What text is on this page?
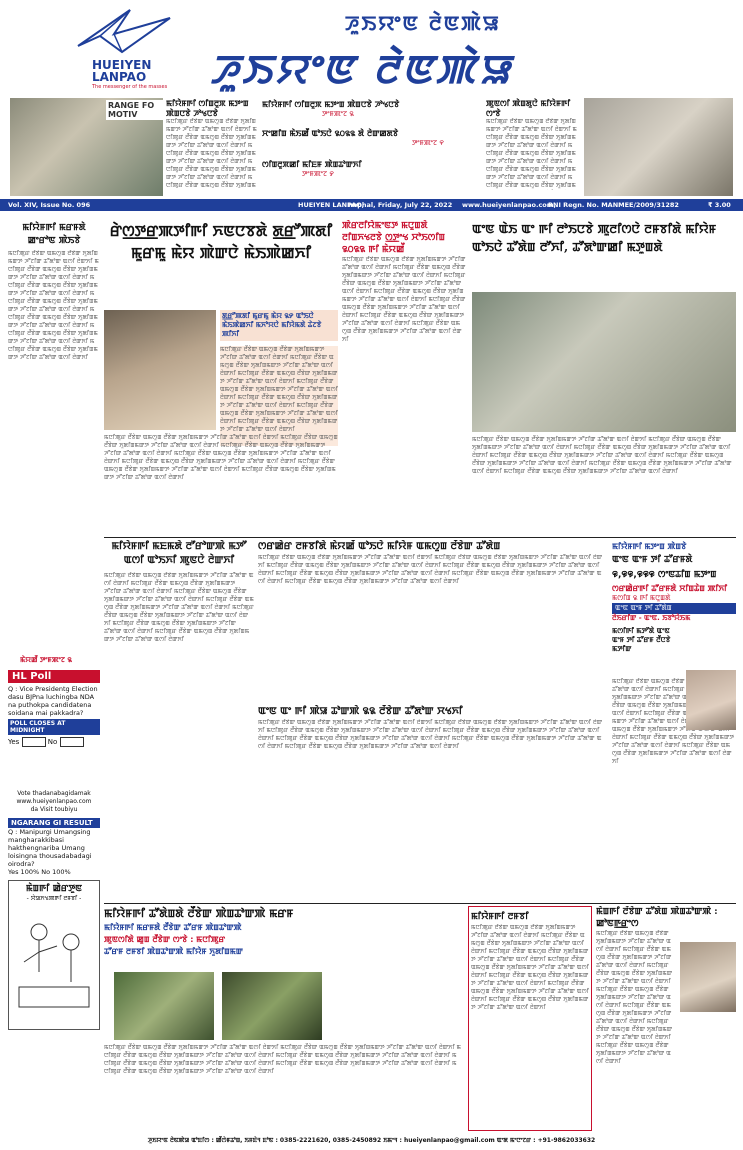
HUEIYEN
LANPAO
The messenger of the masses
ꯍꯨꯏꯌꯦꯟ ꯂꯥꯟꯄꯥꯎ
ꯍꯨꯏꯌꯦꯟ ꯂꯥꯟꯄꯥꯎ
RANGE FO MOTIV
ꯃꯤꯌꯥꯝꯒꯤ ꯁꯤꯡꯂꯨꯞ ꯃꯇꯦꯡ ꯄꯥꯡꯅꯕꯥ ꯍꯣꯠꯅꯕꯥ
ꯃꯅꯤꯄꯨꯔ ꯂꯩꯕꯥꯛ ꯑꯃꯁꯨꯡ ꯂꯩꯕꯥꯛ ꯈꯨꯗꯤꯡꯃꯛꯇ ꯍꯧꯖꯤꯛ ꯊꯧꯗꯣꯛ ꯑꯁꯤ ꯂꯥꯛꯈꯤ ꯃꯅꯤꯄꯨꯔ ꯂꯩꯕꯥꯛ ꯑꯃꯁꯨꯡ ꯂꯩꯕꯥꯛ ꯈꯨꯗꯤꯡꯃꯛꯇ ꯍꯧꯖꯤꯛ ꯊꯧꯗꯣꯛ ꯑꯁꯤ ꯂꯥꯛꯈꯤ ꯃꯅꯤꯄꯨꯔ ꯂꯩꯕꯥꯛ ꯑꯃꯁꯨꯡ ꯂꯩꯕꯥꯛ ꯈꯨꯗꯤꯡꯃꯛꯇ ꯍꯧꯖꯤꯛ ꯊꯧꯗꯣꯛ ꯑꯁꯤ ꯂꯥꯛꯈꯤ ꯃꯅꯤꯄꯨꯔ ꯂꯩꯕꯥꯛ ꯑꯃꯁꯨꯡ ꯂꯩꯕꯥꯛ ꯈꯨꯗꯤꯡꯃꯛꯇ ꯍꯧꯖꯤꯛ ꯊꯧꯗꯣꯛ ꯑꯁꯤ ꯂꯥꯛꯈꯤ ꯃꯅꯤꯄꯨꯔ ꯂꯩꯕꯥꯛ ꯑꯃꯁꯨꯡ ꯂꯩꯕꯥꯛ ꯈꯨꯗꯤꯡꯃꯛꯇ ꯍꯧꯖꯤꯛ ꯊꯧꯗꯣꯛ ꯑꯁꯤ ꯂꯥꯛꯈꯤ ꯃꯅꯤꯄꯨꯔ ꯂꯩꯕꯥꯛ ꯑꯃꯁꯨꯡ ꯂꯩꯕꯥꯛ ꯈꯨꯗꯤꯡꯃꯛꯇ ꯍꯧꯖꯤꯛ ꯊꯧꯗꯣꯛ ꯑꯁꯤ ꯂꯥꯛꯈꯤ ꯃꯅꯤꯄꯨꯔ ꯂꯩꯕꯥꯛ ꯑꯃꯁꯨꯡ ꯂꯩꯕꯥꯛ ꯈꯨꯗꯤꯡꯃꯛꯇ ꯍꯧꯖꯤꯛ ꯊꯧꯗꯣꯛ ꯑꯁꯤ ꯂꯥꯛꯈꯤ
ꯃꯤꯌꯥꯝꯒꯤ ꯁꯤꯡꯂꯨꯞ ꯃꯇꯦꯡ ꯄꯥꯡꯅꯕꯥ ꯍꯣꯠꯅꯕꯥ
ꯇꯦꯝꯄꯦꯖ ꯲
ꯆꯦꯀꯤꯡ ꯃꯥꯏꯀꯩ ꯑꯣꯏꯅꯥ ꯲꯰꯲꯲ ꯗꯥ ꯂꯥꯛꯀꯗꯕꯥ
ꯇꯦꯝꯄꯦꯖ ꯵
ꯁꯤꯡꯂꯨꯞꯀꯤ ꯃꯤꯐꯝ ꯄꯥꯡꯊꯣꯛꯈꯤ
ꯇꯦꯝꯄꯦꯖ ꯸
ꯄꯨꯟꯁꯤ ꯄꯥꯡꯗꯨꯅꯥ ꯃꯤꯌꯥꯝꯒꯤ ꯁꯦꯕꯥ
ꯃꯅꯤꯄꯨꯔ ꯂꯩꯕꯥꯛ ꯑꯃꯁꯨꯡ ꯂꯩꯕꯥꯛ ꯈꯨꯗꯤꯡꯃꯛꯇ ꯍꯧꯖꯤꯛ ꯊꯧꯗꯣꯛ ꯑꯁꯤ ꯂꯥꯛꯈꯤ ꯃꯅꯤꯄꯨꯔ ꯂꯩꯕꯥꯛ ꯑꯃꯁꯨꯡ ꯂꯩꯕꯥꯛ ꯈꯨꯗꯤꯡꯃꯛꯇ ꯍꯧꯖꯤꯛ ꯊꯧꯗꯣꯛ ꯑꯁꯤ ꯂꯥꯛꯈꯤ ꯃꯅꯤꯄꯨꯔ ꯂꯩꯕꯥꯛ ꯑꯃꯁꯨꯡ ꯂꯩꯕꯥꯛ ꯈꯨꯗꯤꯡꯃꯛꯇ ꯍꯧꯖꯤꯛ ꯊꯧꯗꯣꯛ ꯑꯁꯤ ꯂꯥꯛꯈꯤ ꯃꯅꯤꯄꯨꯔ ꯂꯩꯕꯥꯛ ꯑꯃꯁꯨꯡ ꯂꯩꯕꯥꯛ ꯈꯨꯗꯤꯡꯃꯛꯇ ꯍꯧꯖꯤꯛ ꯊꯧꯗꯣꯛ ꯑꯁꯤ ꯂꯥꯛꯈꯤ ꯃꯅꯤꯄꯨꯔ ꯂꯩꯕꯥꯛ ꯑꯃꯁꯨꯡ ꯂꯩꯕꯥꯛ ꯈꯨꯗꯤꯡꯃꯛꯇ ꯍꯧꯖꯤꯛ ꯊꯧꯗꯣꯛ ꯑꯁꯤ ꯂꯥꯛꯈꯤ ꯃꯅꯤꯄꯨꯔ ꯂꯩꯕꯥꯛ ꯑꯃꯁꯨꯡ ꯂꯩꯕꯥꯛ ꯈꯨꯗꯤꯡꯃꯛꯇ ꯍꯧꯖꯤꯛ ꯊꯧꯗꯣꯛ ꯑꯁꯤ ꯂꯥꯛꯈꯤ ꯃꯅꯤꯄꯨꯔ ꯂꯩꯕꯥꯛ ꯑꯃꯁꯨꯡ ꯂꯩꯕꯥꯛ ꯈꯨꯗꯤꯡꯃꯛꯇ ꯍꯧꯖꯤꯛ ꯊꯧꯗꯣꯛ ꯑꯁꯤ ꯂꯥꯛꯈꯤ
Vol. XIV, Issue No. 096	HUEIYEN LANPAO,
Imphal, Friday, July 22, 2022 www.hueiyenlanpao.com,
RNI Regn. No. MANMEE/2009/31282	₹ 3.00
ꯃꯤꯌꯥꯝꯒꯤ ꯃꯔꯝꯗꯥ
ꯀꯦꯔꯣꯟ ꯄꯥꯏꯕꯥ
ꯃꯅꯤꯄꯨꯔ ꯂꯩꯕꯥꯛ ꯑꯃꯁꯨꯡ ꯂꯩꯕꯥꯛ ꯈꯨꯗꯤꯡꯃꯛꯇ ꯍꯧꯖꯤꯛ ꯊꯧꯗꯣꯛ ꯑꯁꯤ ꯂꯥꯛꯈꯤ ꯃꯅꯤꯄꯨꯔ ꯂꯩꯕꯥꯛ ꯑꯃꯁꯨꯡ ꯂꯩꯕꯥꯛ ꯈꯨꯗꯤꯡꯃꯛꯇ ꯍꯧꯖꯤꯛ ꯊꯧꯗꯣꯛ ꯑꯁꯤ ꯂꯥꯛꯈꯤ ꯃꯅꯤꯄꯨꯔ ꯂꯩꯕꯥꯛ ꯑꯃꯁꯨꯡ ꯂꯩꯕꯥꯛ ꯈꯨꯗꯤꯡꯃꯛꯇ ꯍꯧꯖꯤꯛ ꯊꯧꯗꯣꯛ ꯑꯁꯤ ꯂꯥꯛꯈꯤ ꯃꯅꯤꯄꯨꯔ ꯂꯩꯕꯥꯛ ꯑꯃꯁꯨꯡ ꯂꯩꯕꯥꯛ ꯈꯨꯗꯤꯡꯃꯛꯇ ꯍꯧꯖꯤꯛ ꯊꯧꯗꯣꯛ ꯑꯁꯤ ꯂꯥꯛꯈꯤ ꯃꯅꯤꯄꯨꯔ ꯂꯩꯕꯥꯛ ꯑꯃꯁꯨꯡ ꯂꯩꯕꯥꯛ ꯈꯨꯗꯤꯡꯃꯛꯇ ꯍꯧꯖꯤꯛ ꯊꯧꯗꯣꯛ ꯑꯁꯤ ꯂꯥꯛꯈꯤ ꯃꯅꯤꯄꯨꯔ ꯂꯩꯕꯥꯛ ꯑꯃꯁꯨꯡ ꯂꯩꯕꯥꯛ ꯈꯨꯗꯤꯡꯃꯛꯇ ꯍꯧꯖꯤꯛ ꯊꯧꯗꯣꯛ ꯑꯁꯤ ꯂꯥꯛꯈꯤ ꯃꯅꯤꯄꯨꯔ ꯂꯩꯕꯥꯛ ꯑꯃꯁꯨꯡ ꯂꯩꯕꯥꯛ ꯈꯨꯗꯤꯡꯃꯛꯇ ꯍꯧꯖꯤꯛ ꯊꯧꯗꯣꯛ ꯑꯁꯤ ꯂꯥꯛꯈꯤ
ꯃꯥꯌꯀꯩ ꯇꯦꯝꯄꯦꯖ ꯲
HL Poll
Q : Vice Presidentg Election dasu BJPna luchingba NDA na puthokpa candidatena soidana mai pakkadra?
POLL CLOSES AT MIDNIGHT
Yes	No
Vote thadanabagidamak
www.hueiyenlanpao.com
da Visit toubiyu
NGARANG GI RESULT
Q : Manipurgi Umangsing mangharakkibasi hakthengnariba Umang loisingna thousadabadagi oirodra?
Yes 100% No 100%
ꯃꯥꯡꯒꯤ ꯀꯥꯔꯇꯨꯟ
- ꯆꯥꯎꯈꯠꯄꯒꯤ ꯂꯝꯕꯤ -
ꯔꯥꯁ꯭ꯇ꯭ꯔꯄꯇꯤꯒꯤ ꯈꯟꯅꯕꯗꯥ ꯗ꯭ꯔꯧꯄꯗꯤ ꯃꯨꯔꯃꯨ ꯃꯥꯌ ꯄꯥꯛꯅꯥ ꯃꯥꯏꯄꯥꯀꯈꯤ
ꯗ꯭ꯔꯧꯄꯗꯤ ꯃꯨꯔꯃꯨ ꯃꯥꯌ ꯲꯸ ꯑꯣꯏꯅꯥ ꯃꯥꯏꯄꯥꯀꯈꯤ ꯃꯈꯣꯌꯅꯥ ꯃꯤꯌꯥꯃꯗꯥ ꯊꯥꯖꯕꯥ ꯄꯤꯈꯤ
ꯃꯅꯤꯄꯨꯔ ꯂꯩꯕꯥꯛ ꯑꯃꯁꯨꯡ ꯂꯩꯕꯥꯛ ꯈꯨꯗꯤꯡꯃꯛꯇ ꯍꯧꯖꯤꯛ ꯊꯧꯗꯣꯛ ꯑꯁꯤ ꯂꯥꯛꯈꯤ ꯃꯅꯤꯄꯨꯔ ꯂꯩꯕꯥꯛ ꯑꯃꯁꯨꯡ ꯂꯩꯕꯥꯛ ꯈꯨꯗꯤꯡꯃꯛꯇ ꯍꯧꯖꯤꯛ ꯊꯧꯗꯣꯛ ꯑꯁꯤ ꯂꯥꯛꯈꯤ ꯃꯅꯤꯄꯨꯔ ꯂꯩꯕꯥꯛ ꯑꯃꯁꯨꯡ ꯂꯩꯕꯥꯛ ꯈꯨꯗꯤꯡꯃꯛꯇ ꯍꯧꯖꯤꯛ ꯊꯧꯗꯣꯛ ꯑꯁꯤ ꯂꯥꯛꯈꯤ ꯃꯅꯤꯄꯨꯔ ꯂꯩꯕꯥꯛ ꯑꯃꯁꯨꯡ ꯂꯩꯕꯥꯛ ꯈꯨꯗꯤꯡꯃꯛꯇ ꯍꯧꯖꯤꯛ ꯊꯧꯗꯣꯛ ꯑꯁꯤ ꯂꯥꯛꯈꯤ ꯃꯅꯤꯄꯨꯔ ꯂꯩꯕꯥꯛ ꯑꯃꯁꯨꯡ ꯂꯩꯕꯥꯛ ꯈꯨꯗꯤꯡꯃꯛꯇ ꯍꯧꯖꯤꯛ ꯊꯧꯗꯣꯛ ꯑꯁꯤ ꯂꯥꯛꯈꯤ ꯃꯅꯤꯄꯨꯔ ꯂꯩꯕꯥꯛ ꯑꯃꯁꯨꯡ ꯂꯩꯕꯥꯛ ꯈꯨꯗꯤꯡꯃꯛꯇ ꯍꯧꯖꯤꯛ ꯊꯧꯗꯣꯛ ꯑꯁꯤ ꯂꯥꯛꯈꯤ ꯃꯅꯤꯄꯨꯔ ꯂꯩꯕꯥꯛ ꯑꯃꯁꯨꯡ ꯂꯩꯕꯥꯛ ꯈꯨꯗꯤꯡꯃꯛꯇ ꯍꯧꯖꯤꯛ ꯊꯧꯗꯣꯛ ꯑꯁꯤ ꯂꯥꯛꯈꯤ
ꯃꯅꯤꯄꯨꯔ ꯂꯩꯕꯥꯛ ꯑꯃꯁꯨꯡ ꯂꯩꯕꯥꯛ ꯈꯨꯗꯤꯡꯃꯛꯇ ꯍꯧꯖꯤꯛ ꯊꯧꯗꯣꯛ ꯑꯁꯤ ꯂꯥꯛꯈꯤ ꯃꯅꯤꯄꯨꯔ ꯂꯩꯕꯥꯛ ꯑꯃꯁꯨꯡ ꯂꯩꯕꯥꯛ ꯈꯨꯗꯤꯡꯃꯛꯇ ꯍꯧꯖꯤꯛ ꯊꯧꯗꯣꯛ ꯑꯁꯤ ꯂꯥꯛꯈꯤ ꯃꯅꯤꯄꯨꯔ ꯂꯩꯕꯥꯛ ꯑꯃꯁꯨꯡ ꯂꯩꯕꯥꯛ ꯈꯨꯗꯤꯡꯃꯛꯇ ꯍꯧꯖꯤꯛ ꯊꯧꯗꯣꯛ ꯑꯁꯤ ꯂꯥꯛꯈꯤ ꯃꯅꯤꯄꯨꯔ ꯂꯩꯕꯥꯛ ꯑꯃꯁꯨꯡ ꯂꯩꯕꯥꯛ ꯈꯨꯗꯤꯡꯃꯛꯇ ꯍꯧꯖꯤꯛ ꯊꯧꯗꯣꯛ ꯑꯁꯤ ꯂꯥꯛꯈꯤ ꯃꯅꯤꯄꯨꯔ ꯂꯩꯕꯥꯛ ꯑꯃꯁꯨꯡ ꯂꯩꯕꯥꯛ ꯈꯨꯗꯤꯡꯃꯛꯇ ꯍꯧꯖꯤꯛ ꯊꯧꯗꯣꯛ ꯑꯁꯤ ꯂꯥꯛꯈꯤ ꯃꯅꯤꯄꯨꯔ ꯂꯩꯕꯥꯛ ꯑꯃꯁꯨꯡ ꯂꯩꯕꯥꯛ ꯈꯨꯗꯤꯡꯃꯛꯇ ꯍꯧꯖꯤꯛ ꯊꯧꯗꯣꯛ ꯑꯁꯤ ꯂꯥꯛꯈꯤ ꯃꯅꯤꯄꯨꯔ ꯂꯩꯕꯥꯛ ꯑꯃꯁꯨꯡ ꯂꯩꯕꯥꯛ ꯈꯨꯗꯤꯡꯃꯛꯇ ꯍꯧꯖꯤꯛ ꯊꯧꯗꯣꯛ ꯑꯁꯤ ꯂꯥꯛꯈꯤ
ꯄꯥꯔꯂꯤꯌꯥꯃꯦꯟꯇ ꯃꯅꯨꯡꯗꯥ ꯂꯤꯡꯈꯠꯂꯕꯥ ꯁ꯭ꯇꯦꯠ ꯆꯣꯏꯁꯤꯡ ꯲꯰꯲꯲ ꯒꯤ ꯃꯥꯌꯀꯩ
ꯃꯅꯤꯄꯨꯔ ꯂꯩꯕꯥꯛ ꯑꯃꯁꯨꯡ ꯂꯩꯕꯥꯛ ꯈꯨꯗꯤꯡꯃꯛꯇ ꯍꯧꯖꯤꯛ ꯊꯧꯗꯣꯛ ꯑꯁꯤ ꯂꯥꯛꯈꯤ ꯃꯅꯤꯄꯨꯔ ꯂꯩꯕꯥꯛ ꯑꯃꯁꯨꯡ ꯂꯩꯕꯥꯛ ꯈꯨꯗꯤꯡꯃꯛꯇ ꯍꯧꯖꯤꯛ ꯊꯧꯗꯣꯛ ꯑꯁꯤ ꯂꯥꯛꯈꯤ ꯃꯅꯤꯄꯨꯔ ꯂꯩꯕꯥꯛ ꯑꯃꯁꯨꯡ ꯂꯩꯕꯥꯛ ꯈꯨꯗꯤꯡꯃꯛꯇ ꯍꯧꯖꯤꯛ ꯊꯧꯗꯣꯛ ꯑꯁꯤ ꯂꯥꯛꯈꯤ ꯃꯅꯤꯄꯨꯔ ꯂꯩꯕꯥꯛ ꯑꯃꯁꯨꯡ ꯂꯩꯕꯥꯛ ꯈꯨꯗꯤꯡꯃꯛꯇ ꯍꯧꯖꯤꯛ ꯊꯧꯗꯣꯛ ꯑꯁꯤ ꯂꯥꯛꯈꯤ ꯃꯅꯤꯄꯨꯔ ꯂꯩꯕꯥꯛ ꯑꯃꯁꯨꯡ ꯂꯩꯕꯥꯛ ꯈꯨꯗꯤꯡꯃꯛꯇ ꯍꯧꯖꯤꯛ ꯊꯧꯗꯣꯛ ꯑꯁꯤ ꯂꯥꯛꯈꯤ ꯃꯅꯤꯄꯨꯔ ꯂꯩꯕꯥꯛ ꯑꯃꯁꯨꯡ ꯂꯩꯕꯥꯛ ꯈꯨꯗꯤꯡꯃꯛꯇ ꯍꯧꯖꯤꯛ ꯊꯧꯗꯣꯛ ꯑꯁꯤ ꯂꯥꯛꯈꯤ ꯃꯅꯤꯄꯨꯔ ꯂꯩꯕꯥꯛ ꯑꯃꯁꯨꯡ ꯂꯩꯕꯥꯛ ꯈꯨꯗꯤꯡꯃꯛꯇ ꯍꯧꯖꯤꯛ ꯊꯧꯗꯣꯛ ꯑꯁꯤ ꯂꯥꯛꯈꯤ
ꯑꯦꯟ ꯑꯥꯏ ꯑꯦ ꯒꯤ ꯂꯣꯏꯅꯕꯥ ꯄꯨꯂꯤꯁꯅꯥ ꯂꯝꯕꯤꯗꯥ ꯃꯤꯌꯥꯝ ꯑꯣꯏꯅꯥ ꯊꯧꯗꯥꯡ ꯂꯧꯈꯤ, ꯊꯧꯗꯣꯛꯀꯤ ꯃꯇꯨꯡꯗꯥ
ꯃꯅꯤꯄꯨꯔ ꯂꯩꯕꯥꯛ ꯑꯃꯁꯨꯡ ꯂꯩꯕꯥꯛ ꯈꯨꯗꯤꯡꯃꯛꯇ ꯍꯧꯖꯤꯛ ꯊꯧꯗꯣꯛ ꯑꯁꯤ ꯂꯥꯛꯈꯤ ꯃꯅꯤꯄꯨꯔ ꯂꯩꯕꯥꯛ ꯑꯃꯁꯨꯡ ꯂꯩꯕꯥꯛ ꯈꯨꯗꯤꯡꯃꯛꯇ ꯍꯧꯖꯤꯛ ꯊꯧꯗꯣꯛ ꯑꯁꯤ ꯂꯥꯛꯈꯤ ꯃꯅꯤꯄꯨꯔ ꯂꯩꯕꯥꯛ ꯑꯃꯁꯨꯡ ꯂꯩꯕꯥꯛ ꯈꯨꯗꯤꯡꯃꯛꯇ ꯍꯧꯖꯤꯛ ꯊꯧꯗꯣꯛ ꯑꯁꯤ ꯂꯥꯛꯈꯤ ꯃꯅꯤꯄꯨꯔ ꯂꯩꯕꯥꯛ ꯑꯃꯁꯨꯡ ꯂꯩꯕꯥꯛ ꯈꯨꯗꯤꯡꯃꯛꯇ ꯍꯧꯖꯤꯛ ꯊꯧꯗꯣꯛ ꯑꯁꯤ ꯂꯥꯛꯈꯤ ꯃꯅꯤꯄꯨꯔ ꯂꯩꯕꯥꯛ ꯑꯃꯁꯨꯡ ꯂꯩꯕꯥꯛ ꯈꯨꯗꯤꯡꯃꯛꯇ ꯍꯧꯖꯤꯛ ꯊꯧꯗꯣꯛ ꯑꯁꯤ ꯂꯥꯛꯈꯤ ꯃꯅꯤꯄꯨꯔ ꯂꯩꯕꯥꯛ ꯑꯃꯁꯨꯡ ꯂꯩꯕꯥꯛ ꯈꯨꯗꯤꯡꯃꯛꯇ ꯍꯧꯖꯤꯛ ꯊꯧꯗꯣꯛ ꯑꯁꯤ ꯂꯥꯛꯈꯤ ꯃꯅꯤꯄꯨꯔ ꯂꯩꯕꯥꯛ ꯑꯃꯁꯨꯡ ꯂꯩꯕꯥꯛ ꯈꯨꯗꯤꯡꯃꯛꯇ ꯍꯧꯖꯤꯛ ꯊꯧꯗꯣꯛ ꯑꯁꯤ ꯂꯥꯛꯈꯤ
ꯃꯤꯌꯥꯝꯒꯤ ꯃꯐꯃꯗꯥ ꯂꯧꯔꯣꯛꯄꯥ ꯃꯇꯧ ꯑꯁꯤ ꯑꯣꯏꯈꯤ ꯄꯨꯟꯅꯥ ꯂꯥꯛꯈꯤ
ꯃꯅꯤꯄꯨꯔ ꯂꯩꯕꯥꯛ ꯑꯃꯁꯨꯡ ꯂꯩꯕꯥꯛ ꯈꯨꯗꯤꯡꯃꯛꯇ ꯍꯧꯖꯤꯛ ꯊꯧꯗꯣꯛ ꯑꯁꯤ ꯂꯥꯛꯈꯤ ꯃꯅꯤꯄꯨꯔ ꯂꯩꯕꯥꯛ ꯑꯃꯁꯨꯡ ꯂꯩꯕꯥꯛ ꯈꯨꯗꯤꯡꯃꯛꯇ ꯍꯧꯖꯤꯛ ꯊꯧꯗꯣꯛ ꯑꯁꯤ ꯂꯥꯛꯈꯤ ꯃꯅꯤꯄꯨꯔ ꯂꯩꯕꯥꯛ ꯑꯃꯁꯨꯡ ꯂꯩꯕꯥꯛ ꯈꯨꯗꯤꯡꯃꯛꯇ ꯍꯧꯖꯤꯛ ꯊꯧꯗꯣꯛ ꯑꯁꯤ ꯂꯥꯛꯈꯤ ꯃꯅꯤꯄꯨꯔ ꯂꯩꯕꯥꯛ ꯑꯃꯁꯨꯡ ꯂꯩꯕꯥꯛ ꯈꯨꯗꯤꯡꯃꯛꯇ ꯍꯧꯖꯤꯛ ꯊꯧꯗꯣꯛ ꯑꯁꯤ ꯂꯥꯛꯈꯤ ꯃꯅꯤꯄꯨꯔ ꯂꯩꯕꯥꯛ ꯑꯃꯁꯨꯡ ꯂꯩꯕꯥꯛ ꯈꯨꯗꯤꯡꯃꯛꯇ ꯍꯧꯖꯤꯛ ꯊꯧꯗꯣꯛ ꯑꯁꯤ ꯂꯥꯛꯈꯤ ꯃꯅꯤꯄꯨꯔ ꯂꯩꯕꯥꯛ ꯑꯃꯁꯨꯡ ꯂꯩꯕꯥꯛ ꯈꯨꯗꯤꯡꯃꯛꯇ ꯍꯧꯖꯤꯛ ꯊꯧꯗꯣꯛ ꯑꯁꯤ ꯂꯥꯛꯈꯤ ꯃꯅꯤꯄꯨꯔ ꯂꯩꯕꯥꯛ ꯑꯃꯁꯨꯡ ꯂꯩꯕꯥꯛ ꯈꯨꯗꯤꯡꯃꯛꯇ ꯍꯧꯖꯤꯛ ꯊꯧꯗꯣꯛ ꯑꯁꯤ ꯂꯥꯛꯈꯤ
ꯁꯔꯀꯥꯔ ꯂꯝꯕꯤꯗꯥ ꯃꯥꯌꯀꯩ ꯑꯣꯏꯅꯥ ꯃꯤꯌꯥꯝ ꯑꯃꯁꯨꯡ ꯂꯩꯕꯥꯛ ꯊꯧꯗꯥꯡ
ꯃꯅꯤꯄꯨꯔ ꯂꯩꯕꯥꯛ ꯑꯃꯁꯨꯡ ꯂꯩꯕꯥꯛ ꯈꯨꯗꯤꯡꯃꯛꯇ ꯍꯧꯖꯤꯛ ꯊꯧꯗꯣꯛ ꯑꯁꯤ ꯂꯥꯛꯈꯤ ꯃꯅꯤꯄꯨꯔ ꯂꯩꯕꯥꯛ ꯑꯃꯁꯨꯡ ꯂꯩꯕꯥꯛ ꯈꯨꯗꯤꯡꯃꯛꯇ ꯍꯧꯖꯤꯛ ꯊꯧꯗꯣꯛ ꯑꯁꯤ ꯂꯥꯛꯈꯤ ꯃꯅꯤꯄꯨꯔ ꯂꯩꯕꯥꯛ ꯑꯃꯁꯨꯡ ꯂꯩꯕꯥꯛ ꯈꯨꯗꯤꯡꯃꯛꯇ ꯍꯧꯖꯤꯛ ꯊꯧꯗꯣꯛ ꯑꯁꯤ ꯂꯥꯛꯈꯤ ꯃꯅꯤꯄꯨꯔ ꯂꯩꯕꯥꯛ ꯑꯃꯁꯨꯡ ꯂꯩꯕꯥꯛ ꯈꯨꯗꯤꯡꯃꯛꯇ ꯍꯧꯖꯤꯛ ꯊꯧꯗꯣꯛ ꯑꯁꯤ ꯂꯥꯛꯈꯤ ꯃꯅꯤꯄꯨꯔ ꯂꯩꯕꯥꯛ ꯑꯃꯁꯨꯡ ꯂꯩꯕꯥꯛ ꯈꯨꯗꯤꯡꯃꯛꯇ ꯍꯧꯖꯤꯛ ꯊꯧꯗꯣꯛ ꯑꯁꯤ ꯂꯥꯛꯈꯤ ꯃꯅꯤꯄꯨꯔ ꯂꯩꯕꯥꯛ ꯑꯃꯁꯨꯡ ꯂꯩꯕꯥꯛ ꯈꯨꯗꯤꯡꯃꯛꯇ ꯍꯧꯖꯤꯛ ꯊꯧꯗꯣꯛ ꯑꯁꯤ ꯂꯥꯛꯈꯤ ꯃꯅꯤꯄꯨꯔ ꯂꯩꯕꯥꯛ ꯑꯃꯁꯨꯡ ꯂꯩꯕꯥꯛ ꯈꯨꯗꯤꯡꯃꯛꯇ ꯍꯧꯖꯤꯛ ꯊꯧꯗꯣꯛ ꯑꯁꯤ ꯂꯥꯛꯈꯤ
ꯑꯦꯟ ꯑꯦ ꯒꯤ ꯄꯥꯎ ꯊꯣꯛꯄꯥ ꯲꯲ ꯂꯩꯕꯥꯛ ꯊꯧꯗꯣꯛ ꯆꯠꯈꯤ
ꯃꯅꯤꯄꯨꯔ ꯂꯩꯕꯥꯛ ꯑꯃꯁꯨꯡ ꯂꯩꯕꯥꯛ ꯈꯨꯗꯤꯡꯃꯛꯇ ꯍꯧꯖꯤꯛ ꯊꯧꯗꯣꯛ ꯑꯁꯤ ꯂꯥꯛꯈꯤ ꯃꯅꯤꯄꯨꯔ ꯂꯩꯕꯥꯛ ꯑꯃꯁꯨꯡ ꯂꯩꯕꯥꯛ ꯈꯨꯗꯤꯡꯃꯛꯇ ꯍꯧꯖꯤꯛ ꯊꯧꯗꯣꯛ ꯑꯁꯤ ꯂꯥꯛꯈꯤ ꯃꯅꯤꯄꯨꯔ ꯂꯩꯕꯥꯛ ꯑꯃꯁꯨꯡ ꯂꯩꯕꯥꯛ ꯈꯨꯗꯤꯡꯃꯛꯇ ꯍꯧꯖꯤꯛ ꯊꯧꯗꯣꯛ ꯑꯁꯤ ꯂꯥꯛꯈꯤ ꯃꯅꯤꯄꯨꯔ ꯂꯩꯕꯥꯛ ꯑꯃꯁꯨꯡ ꯂꯩꯕꯥꯛ ꯈꯨꯗꯤꯡꯃꯛꯇ ꯍꯧꯖꯤꯛ ꯊꯧꯗꯣꯛ ꯑꯁꯤ ꯂꯥꯛꯈꯤ ꯃꯅꯤꯄꯨꯔ ꯂꯩꯕꯥꯛ ꯑꯃꯁꯨꯡ ꯂꯩꯕꯥꯛ ꯈꯨꯗꯤꯡꯃꯛꯇ ꯍꯧꯖꯤꯛ ꯊꯧꯗꯣꯛ ꯑꯁꯤ ꯂꯥꯛꯈꯤ ꯃꯅꯤꯄꯨꯔ ꯂꯩꯕꯥꯛ ꯑꯃꯁꯨꯡ ꯂꯩꯕꯥꯛ ꯈꯨꯗꯤꯡꯃꯛꯇ ꯍꯧꯖꯤꯛ ꯊꯧꯗꯣꯛ ꯑꯁꯤ ꯂꯥꯛꯈꯤ ꯃꯅꯤꯄꯨꯔ ꯂꯩꯕꯥꯛ ꯑꯃꯁꯨꯡ ꯂꯩꯕꯥꯛ ꯈꯨꯗꯤꯡꯃꯛꯇ ꯍꯧꯖꯤꯛ ꯊꯧꯗꯣꯛ ꯑꯁꯤ ꯂꯥꯛꯈꯤ
ꯃꯤꯌꯥꯝꯒꯤ ꯃꯇꯦꯡ ꯄꯥꯡꯕꯥ
ꯑꯦꯟ ꯑꯦꯝ ꯇꯤ ꯊꯧꯔꯝꯗꯥ
꯶,꯶꯶,꯶꯶꯶ ꯁꯦꯟꯊꯤꯡ ꯃꯇꯦꯡ
ꯁꯔꯀꯥꯔꯒꯤ ꯊꯧꯔꯝꯗꯥ ꯆꯤꯡꯊꯥꯡ ꯄꯤꯈꯤ
ꯃꯁꯤꯡ ꯲ ꯒꯤ ꯃꯅꯨꯡꯗꯥ
ꯑꯦꯟ ꯑꯦꯝ ꯇꯤ ꯊꯧꯗꯥꯡ
ꯂꯥꯏꯔꯤꯛ - ꯑꯦꯟ. ꯏꯕꯣꯌꯥꯏꯃ
ꯃꯁꯤꯒꯤ ꯃꯇꯧꯗꯥ ꯑꯦꯟ ꯑꯦꯝ ꯇꯤ ꯊꯧꯔꯝ ꯂꯩꯅꯕꯥ ꯃꯇꯤꯛ
ꯃꯅꯤꯄꯨꯔ ꯂꯩꯕꯥꯛ ꯑꯃꯁꯨꯡ ꯂꯩꯕꯥꯛ ꯈꯨꯗꯤꯡꯃꯛꯇ ꯍꯧꯖꯤꯛ ꯊꯧꯗꯣꯛ ꯑꯁꯤ ꯂꯥꯛꯈꯤ ꯃꯅꯤꯄꯨꯔ ꯂꯩꯕꯥꯛ ꯑꯃꯁꯨꯡ ꯂꯩꯕꯥꯛ ꯈꯨꯗꯤꯡꯃꯛꯇ ꯍꯧꯖꯤꯛ ꯊꯧꯗꯣꯛ ꯑꯁꯤ ꯂꯥꯛꯈꯤ ꯃꯅꯤꯄꯨꯔ ꯂꯩꯕꯥꯛ ꯑꯃꯁꯨꯡ ꯂꯩꯕꯥꯛ ꯈꯨꯗꯤꯡꯃꯛꯇ ꯍꯧꯖꯤꯛ ꯊꯧꯗꯣꯛ ꯑꯁꯤ ꯂꯥꯛꯈꯤ ꯃꯅꯤꯄꯨꯔ ꯂꯩꯕꯥꯛ ꯑꯃꯁꯨꯡ ꯂꯩꯕꯥꯛ ꯈꯨꯗꯤꯡꯃꯛꯇ ꯍꯧꯖꯤꯛ ꯊꯧꯗꯣꯛ ꯑꯁꯤ ꯂꯥꯛꯈꯤ ꯃꯅꯤꯄꯨꯔ ꯂꯩꯕꯥꯛ ꯑꯃꯁꯨꯡ ꯂꯩꯕꯥꯛ ꯈꯨꯗꯤꯡꯃꯛꯇ ꯍꯧꯖꯤꯛ ꯊꯧꯗꯣꯛ ꯑꯁꯤ ꯂꯥꯛꯈꯤ ꯃꯅꯤꯄꯨꯔ ꯂꯩꯕꯥꯛ ꯑꯃꯁꯨꯡ ꯂꯩꯕꯥꯛ ꯈꯨꯗꯤꯡꯃꯛꯇ ꯍꯧꯖꯤꯛ ꯊꯧꯗꯣꯛ ꯑꯁꯤ ꯂꯥꯛꯈꯤ ꯃꯅꯤꯄꯨꯔ ꯂꯩꯕꯥꯛ ꯑꯃꯁꯨꯡ ꯂꯩꯕꯥꯛ ꯈꯨꯗꯤꯡꯃꯛꯇ ꯍꯧꯖꯤꯛ ꯊꯧꯗꯣꯛ ꯑꯁꯤ ꯂꯥꯛꯈꯤ
ꯃꯤꯌꯥꯝꯒꯤ ꯊꯧꯗꯥꯡꯗꯥ ꯂꯩꯕꯥꯛ ꯄꯥꯡꯊꯣꯛꯄꯥ ꯃꯔꯝ
ꯃꯤꯌꯥꯝꯒꯤ ꯃꯔꯝꯗꯥ ꯂꯩꯕꯥꯛ ꯊꯧꯔꯝ ꯄꯥꯡꯊꯣꯛꯄꯥ
ꯄꯨꯟꯁꯤꯗꯥ ꯀꯨꯡ ꯂꯩꯕꯥꯛ ꯁꯦꯕꯥ : ꯃꯅꯤꯄꯨꯔ
ꯊꯧꯔꯝ ꯂꯝꯕꯤ ꯄꯥꯡꯊꯣꯛꯄꯥ ꯃꯤꯌꯥꯝ ꯈꯨꯗꯤꯡꯃꯛ
ꯃꯅꯤꯄꯨꯔ ꯂꯩꯕꯥꯛ ꯑꯃꯁꯨꯡ ꯂꯩꯕꯥꯛ ꯈꯨꯗꯤꯡꯃꯛꯇ ꯍꯧꯖꯤꯛ ꯊꯧꯗꯣꯛ ꯑꯁꯤ ꯂꯥꯛꯈꯤ ꯃꯅꯤꯄꯨꯔ ꯂꯩꯕꯥꯛ ꯑꯃꯁꯨꯡ ꯂꯩꯕꯥꯛ ꯈꯨꯗꯤꯡꯃꯛꯇ ꯍꯧꯖꯤꯛ ꯊꯧꯗꯣꯛ ꯑꯁꯤ ꯂꯥꯛꯈꯤ ꯃꯅꯤꯄꯨꯔ ꯂꯩꯕꯥꯛ ꯑꯃꯁꯨꯡ ꯂꯩꯕꯥꯛ ꯈꯨꯗꯤꯡꯃꯛꯇ ꯍꯧꯖꯤꯛ ꯊꯧꯗꯣꯛ ꯑꯁꯤ ꯂꯥꯛꯈꯤ ꯃꯅꯤꯄꯨꯔ ꯂꯩꯕꯥꯛ ꯑꯃꯁꯨꯡ ꯂꯩꯕꯥꯛ ꯈꯨꯗꯤꯡꯃꯛꯇ ꯍꯧꯖꯤꯛ ꯊꯧꯗꯣꯛ ꯑꯁꯤ ꯂꯥꯛꯈꯤ ꯃꯅꯤꯄꯨꯔ ꯂꯩꯕꯥꯛ ꯑꯃꯁꯨꯡ ꯂꯩꯕꯥꯛ ꯈꯨꯗꯤꯡꯃꯛꯇ ꯍꯧꯖꯤꯛ ꯊꯧꯗꯣꯛ ꯑꯁꯤ ꯂꯥꯛꯈꯤ ꯃꯅꯤꯄꯨꯔ ꯂꯩꯕꯥꯛ ꯑꯃꯁꯨꯡ ꯂꯩꯕꯥꯛ ꯈꯨꯗꯤꯡꯃꯛꯇ ꯍꯧꯖꯤꯛ ꯊꯧꯗꯣꯛ ꯑꯁꯤ ꯂꯥꯛꯈꯤ ꯃꯅꯤꯄꯨꯔ ꯂꯩꯕꯥꯛ ꯑꯃꯁꯨꯡ ꯂꯩꯕꯥꯛ ꯈꯨꯗꯤꯡꯃꯛꯇ ꯍꯧꯖꯤꯛ ꯊꯧꯗꯣꯛ ꯑꯁꯤ ꯂꯥꯛꯈꯤ
ꯃꯤꯌꯥꯝꯒꯤ ꯂꯝꯕꯤ
ꯃꯅꯤꯄꯨꯔ ꯂꯩꯕꯥꯛ ꯑꯃꯁꯨꯡ ꯂꯩꯕꯥꯛ ꯈꯨꯗꯤꯡꯃꯛꯇ ꯍꯧꯖꯤꯛ ꯊꯧꯗꯣꯛ ꯑꯁꯤ ꯂꯥꯛꯈꯤ ꯃꯅꯤꯄꯨꯔ ꯂꯩꯕꯥꯛ ꯑꯃꯁꯨꯡ ꯂꯩꯕꯥꯛ ꯈꯨꯗꯤꯡꯃꯛꯇ ꯍꯧꯖꯤꯛ ꯊꯧꯗꯣꯛ ꯑꯁꯤ ꯂꯥꯛꯈꯤ ꯃꯅꯤꯄꯨꯔ ꯂꯩꯕꯥꯛ ꯑꯃꯁꯨꯡ ꯂꯩꯕꯥꯛ ꯈꯨꯗꯤꯡꯃꯛꯇ ꯍꯧꯖꯤꯛ ꯊꯧꯗꯣꯛ ꯑꯁꯤ ꯂꯥꯛꯈꯤ ꯃꯅꯤꯄꯨꯔ ꯂꯩꯕꯥꯛ ꯑꯃꯁꯨꯡ ꯂꯩꯕꯥꯛ ꯈꯨꯗꯤꯡꯃꯛꯇ ꯍꯧꯖꯤꯛ ꯊꯧꯗꯣꯛ ꯑꯁꯤ ꯂꯥꯛꯈꯤ ꯃꯅꯤꯄꯨꯔ ꯂꯩꯕꯥꯛ ꯑꯃꯁꯨꯡ ꯂꯩꯕꯥꯛ ꯈꯨꯗꯤꯡꯃꯛꯇ ꯍꯧꯖꯤꯛ ꯊꯧꯗꯣꯛ ꯑꯁꯤ ꯂꯥꯛꯈꯤ ꯃꯅꯤꯄꯨꯔ ꯂꯩꯕꯥꯛ ꯑꯃꯁꯨꯡ ꯂꯩꯕꯥꯛ ꯈꯨꯗꯤꯡꯃꯛꯇ ꯍꯧꯖꯤꯛ ꯊꯧꯗꯣꯛ ꯑꯁꯤ ꯂꯥꯛꯈꯤ ꯃꯅꯤꯄꯨꯔ ꯂꯩꯕꯥꯛ ꯑꯃꯁꯨꯡ ꯂꯩꯕꯥꯛ ꯈꯨꯗꯤꯡꯃꯛꯇ ꯍꯧꯖꯤꯛ ꯊꯧꯗꯣꯛ ꯑꯁꯤ ꯂꯥꯛꯈꯤ	ꯃꯥꯡꯒꯤ ꯂꯩꯕꯥꯛ ꯊꯧꯗꯥꯡ ꯄꯥꯡꯊꯣꯛꯄꯥ : ꯀꯣꯟꯒ꯭ꯔꯦꯁ
ꯃꯅꯤꯄꯨꯔ ꯂꯩꯕꯥꯛ ꯑꯃꯁꯨꯡ ꯂꯩꯕꯥꯛ ꯈꯨꯗꯤꯡꯃꯛꯇ ꯍꯧꯖꯤꯛ ꯊꯧꯗꯣꯛ ꯑꯁꯤ ꯂꯥꯛꯈꯤ ꯃꯅꯤꯄꯨꯔ ꯂꯩꯕꯥꯛ ꯑꯃꯁꯨꯡ ꯂꯩꯕꯥꯛ ꯈꯨꯗꯤꯡꯃꯛꯇ ꯍꯧꯖꯤꯛ ꯊꯧꯗꯣꯛ ꯑꯁꯤ ꯂꯥꯛꯈꯤ ꯃꯅꯤꯄꯨꯔ ꯂꯩꯕꯥꯛ ꯑꯃꯁꯨꯡ ꯂꯩꯕꯥꯛ ꯈꯨꯗꯤꯡꯃꯛꯇ ꯍꯧꯖꯤꯛ ꯊꯧꯗꯣꯛ ꯑꯁꯤ ꯂꯥꯛꯈꯤ ꯃꯅꯤꯄꯨꯔ ꯂꯩꯕꯥꯛ ꯑꯃꯁꯨꯡ ꯂꯩꯕꯥꯛ ꯈꯨꯗꯤꯡꯃꯛꯇ ꯍꯧꯖꯤꯛ ꯊꯧꯗꯣꯛ ꯑꯁꯤ ꯂꯥꯛꯈꯤ ꯃꯅꯤꯄꯨꯔ ꯂꯩꯕꯥꯛ ꯑꯃꯁꯨꯡ ꯂꯩꯕꯥꯛ ꯈꯨꯗꯤꯡꯃꯛꯇ ꯍꯧꯖꯤꯛ ꯊꯧꯗꯣꯛ ꯑꯁꯤ ꯂꯥꯛꯈꯤ ꯃꯅꯤꯄꯨꯔ ꯂꯩꯕꯥꯛ ꯑꯃꯁꯨꯡ ꯂꯩꯕꯥꯛ ꯈꯨꯗꯤꯡꯃꯛꯇ ꯍꯧꯖꯤꯛ ꯊꯧꯗꯣꯛ ꯑꯁꯤ ꯂꯥꯛꯈꯤ ꯃꯅꯤꯄꯨꯔ ꯂꯩꯕꯥꯛ ꯑꯃꯁꯨꯡ ꯂꯩꯕꯥꯛ ꯈꯨꯗꯤꯡꯃꯛꯇ ꯍꯧꯖꯤꯛ ꯊꯧꯗꯣꯛ ꯑꯁꯤ ꯂꯥꯛꯈꯤ
ꯍꯨꯏꯌꯦꯟ ꯂꯥꯟꯄꯥꯎ ꯑꯣꯐꯤꯁ : ꯀꯩꯁꯥꯝꯊꯣꯡ, ꯏꯝꯐꯥꯜ ꯐꯣꯟ : 0385-2221620, 0385-2450892 ꯏꯃꯦꯜ : hueiyenlanpao@gmail.com ꯑꯦꯗ ꯃꯦꯅꯦꯖꯔ : +91-9862033632
